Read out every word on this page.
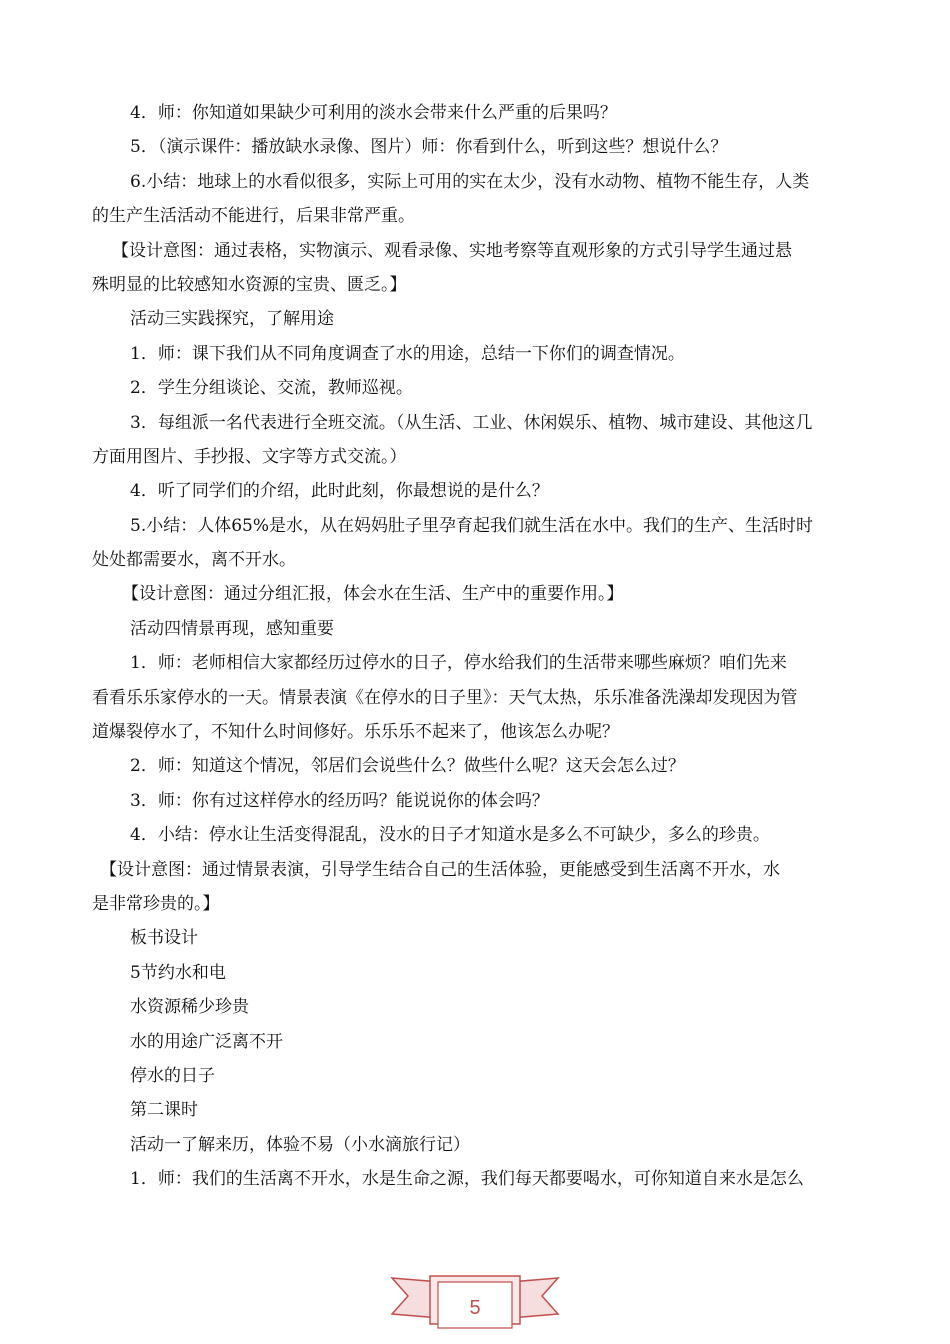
4．师：你知道如果缺少可利用的淡水会带来什么严重的后果吗？
5．（演示课件：播放缺水录像、图片）师：你看到什么，听到这些？想说什么？
6.小结：地球上的水看似很多，实际上可用的实在太少，没有水动物、植物不能生存，人类
的生产生活活动不能进行，后果非常严重。
【设计意图：通过表格，实物演示、观看录像、实地考察等直观形象的方式引导学生通过悬
殊明显的比较感知水资源的宝贵、匮乏。】
活动三实践探究，了解用途
1．师：课下我们从不同角度调查了水的用途，总结一下你们的调查情况。
2．学生分组谈论、交流，教师巡视。
3．每组派一名代表进行全班交流。（从生活、工业、休闲娱乐、植物、城市建设、其他这几
方面用图片、手抄报、文字等方式交流。）
4．听了同学们的介绍，此时此刻，你最想说的是什么？
5.小结：人体65%是水，从在妈妈肚子里孕育起我们就生活在水中。我们的生产、生活时时
处处都需要水，离不开水。
【设计意图：通过分组汇报，体会水在生活、生产中的重要作用。】
活动四情景再现，感知重要
1．师：老师相信大家都经历过停水的日子，停水给我们的生活带来哪些麻烦？咱们先来
看看乐乐家停水的一天。情景表演《在停水的日子里》：天气太热，乐乐准备洗澡却发现因为管
道爆裂停水了，不知什么时间修好。乐乐乐不起来了，他该怎么办呢？
2．师：知道这个情况，邻居们会说些什么？做些什么呢？这天会怎么过？
3．师：你有过这样停水的经历吗？能说说你的体会吗？
4．小结：停水让生活变得混乱，没水的日子才知道水是多么不可缺少，多么的珍贵。
【设计意图：通过情景表演，引导学生结合自己的生活体验，更能感受到生活离不开水，水
是非常珍贵的。】
板书设计
5节约水和电
水资源稀少珍贵
水的用途广泛离不开
停水的日子
第二课时
活动一了解来历，体验不易（小水滴旅行记）
1．师：我们的生活离不开水，水是生命之源，我们每天都要喝水，可你知道自来水是怎么
5
